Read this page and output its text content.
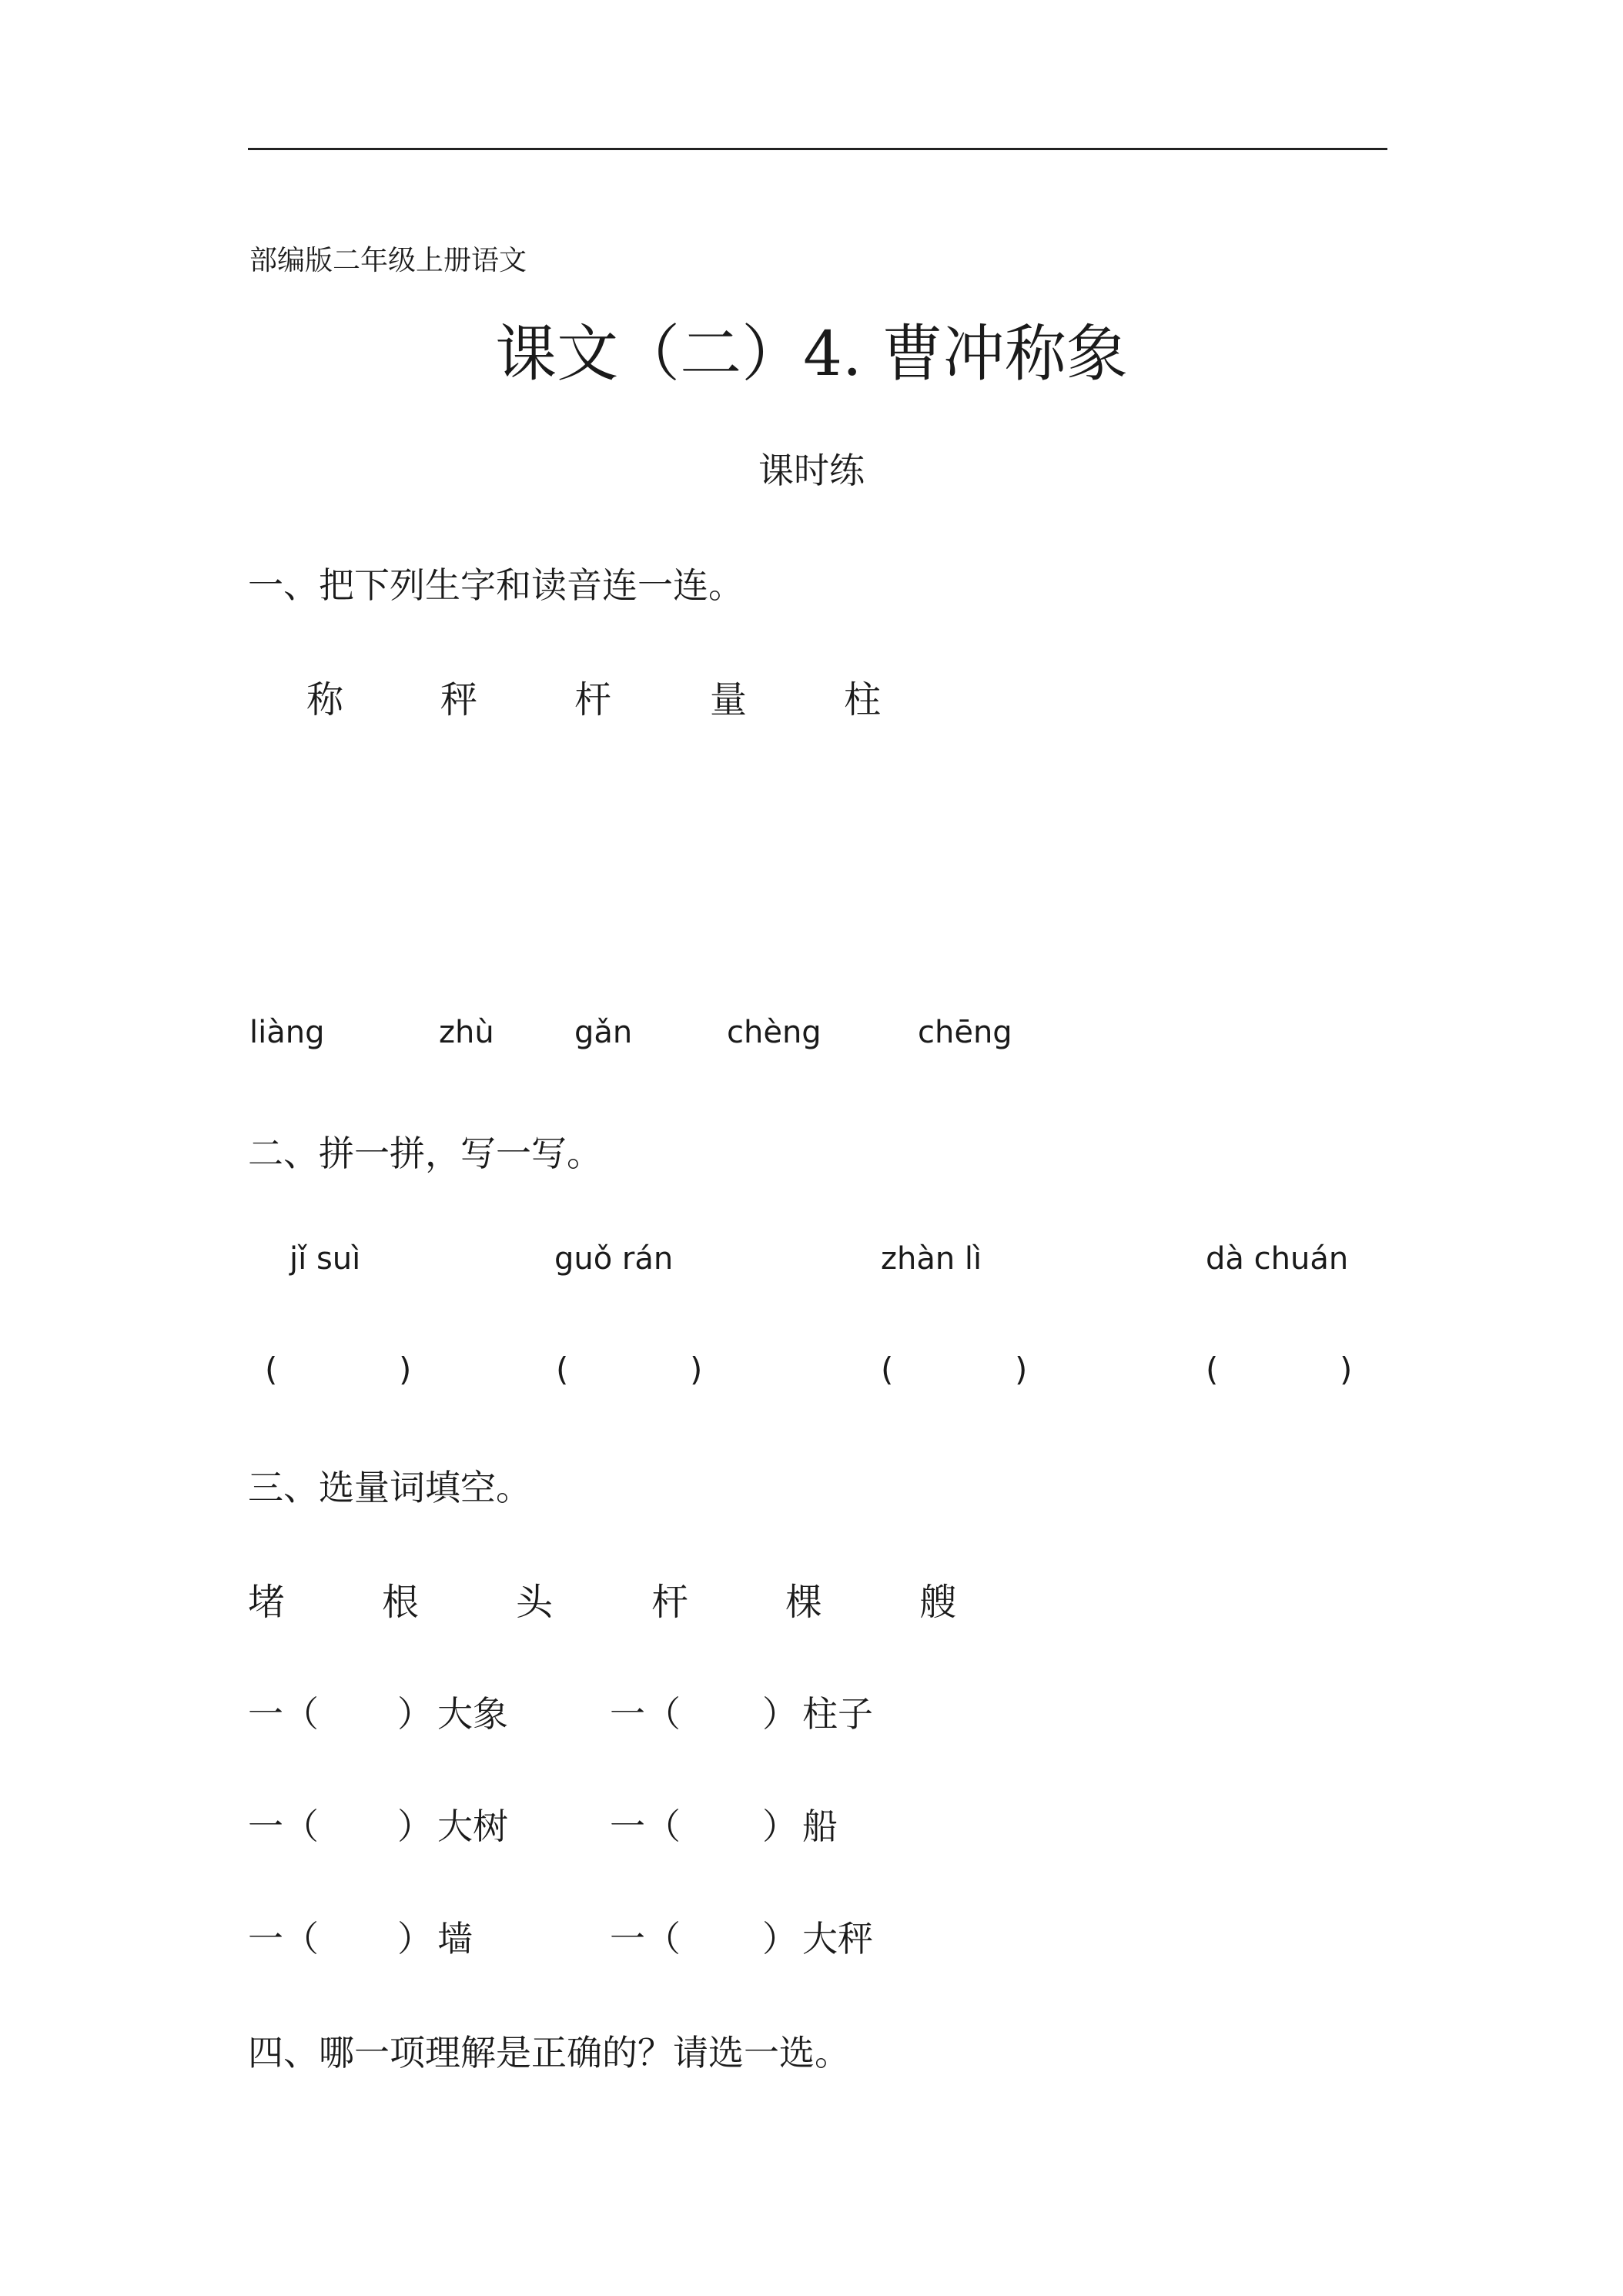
部编版二年级上册语文
课文（二）4. 曹冲称象
课时练
一、把下列生字和读音连一连。
称	秤	杆	量	柱
liàng	zhù	gǎn	chèng	chēng
二、拼一拼，写一写。
jǐ suì	guǒ rán	zhàn lì	dà chuán
(	)	(	)	(	)	(	)
三、选量词填空。
堵	根	头	杆	棵	艘
一（ ） 大象	一（ ） 柱子
一（ ） 大树	一（ ） 船
一（ ） 墙	一（ ） 大秤
四、哪一项理解是正确的？请选一选。
